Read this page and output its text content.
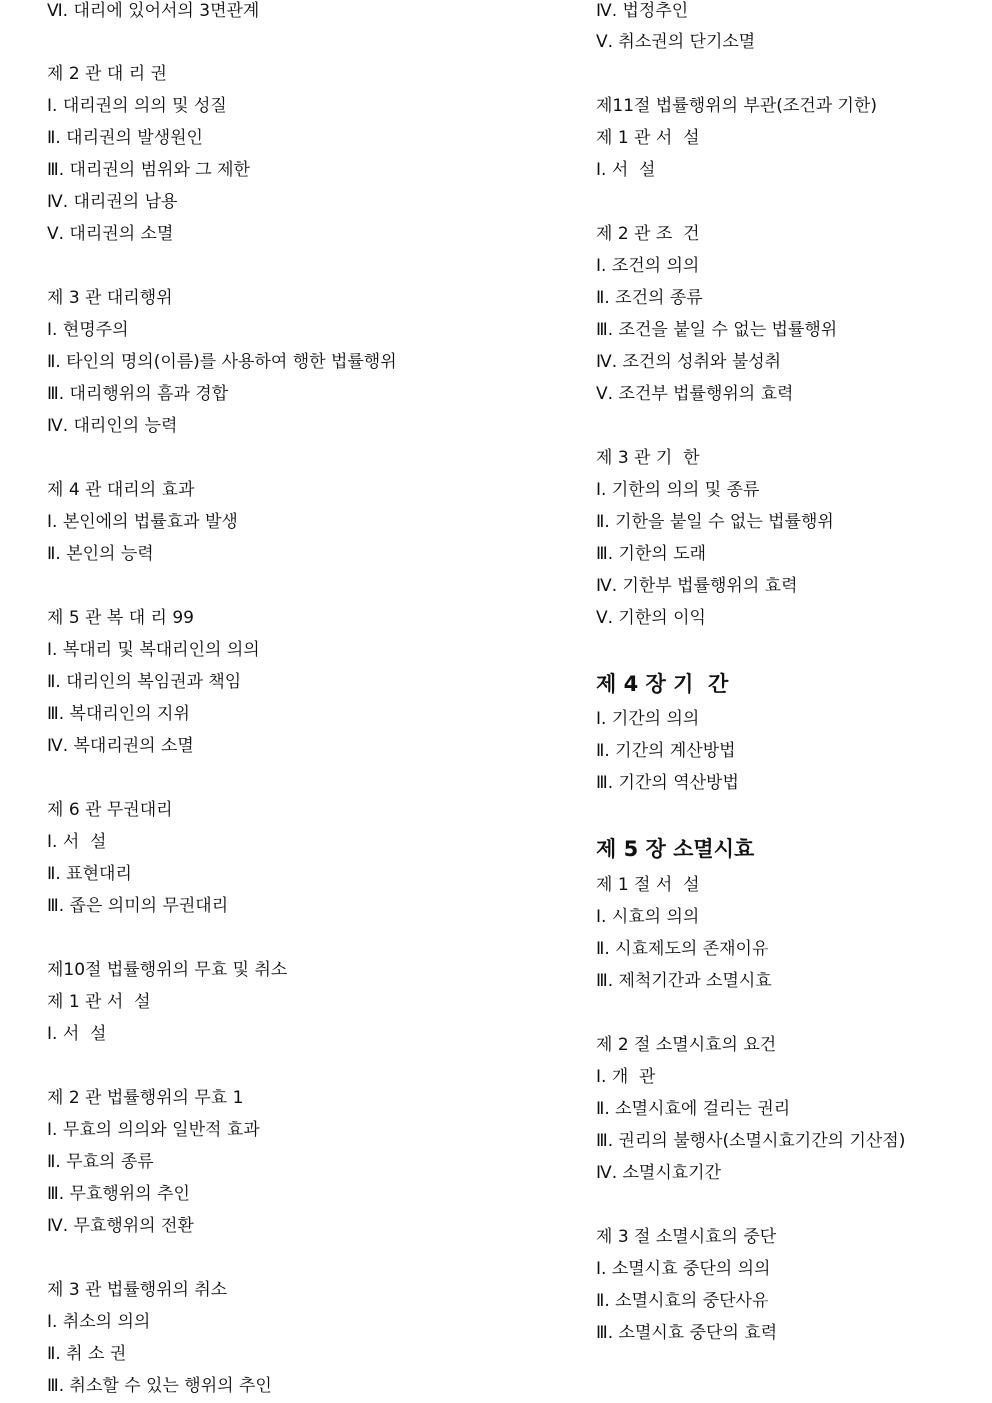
Ⅵ. 대리에 있어서의 3면관계
제 2 관 대 리 권
Ⅰ. 대리권의 의의 및 성질
Ⅱ. 대리권의 발생원인
Ⅲ. 대리권의 범위와 그 제한
Ⅳ. 대리권의 남용
Ⅴ. 대리권의 소멸
제 3 관 대리행위
Ⅰ. 현명주의
Ⅱ. 타인의 명의(이름)를 사용하여 행한 법률행위
Ⅲ. 대리행위의 흠과 경합
Ⅳ. 대리인의 능력
제 4 관 대리의 효과
Ⅰ. 본인에의 법률효과 발생
Ⅱ. 본인의 능력
제 5 관 복 대 리 99
Ⅰ. 복대리 및 복대리인의 의의
Ⅱ. 대리인의 복임권과 책임
Ⅲ. 복대리인의 지위
Ⅳ. 복대리권의 소멸
제 6 관 무권대리
Ⅰ. 서  설
Ⅱ. 표현대리
Ⅲ. 좁은 의미의 무권대리
제10절 법률행위의 무효 및 취소
제 1 관 서  설
Ⅰ. 서  설
제 2 관 법률행위의 무효 1
Ⅰ. 무효의 의의와 일반적 효과
Ⅱ. 무효의 종류
Ⅲ. 무효행위의 추인
Ⅳ. 무효행위의 전환
제 3 관 법률행위의 취소
Ⅰ. 취소의 의의
Ⅱ. 취 소 권
Ⅲ. 취소할 수 있는 행위의 추인
Ⅳ. 법정추인
Ⅴ. 취소권의 단기소멸
제11절 법률행위의 부관(조건과 기한)
제 1 관 서  설
Ⅰ. 서  설
제 2 관 조  건
Ⅰ. 조건의 의의
Ⅱ. 조건의 종류
Ⅲ. 조건을 붙일 수 없는 법률행위
Ⅳ. 조건의 성취와 불성취
Ⅴ. 조건부 법률행위의 효력
제 3 관 기  한
Ⅰ. 기한의 의의 및 종류
Ⅱ. 기한을 붙일 수 없는 법률행위
Ⅲ. 기한의 도래
Ⅳ. 기한부 법률행위의 효력
Ⅴ. 기한의 이익
제 4 장 기  간
Ⅰ. 기간의 의의
Ⅱ. 기간의 계산방법
Ⅲ. 기간의 역산방법
제 5 장 소멸시효
제 1 절 서  설
Ⅰ. 시효의 의의
Ⅱ. 시효제도의 존재이유
Ⅲ. 제척기간과 소멸시효
제 2 절 소멸시효의 요건
Ⅰ. 개  관
Ⅱ. 소멸시효에 걸리는 권리
Ⅲ. 권리의 불행사(소멸시효기간의 기산점)
Ⅳ. 소멸시효기간
제 3 절 소멸시효의 중단
Ⅰ. 소멸시효 중단의 의의
Ⅱ. 소멸시효의 중단사유
Ⅲ. 소멸시효 중단의 효력
